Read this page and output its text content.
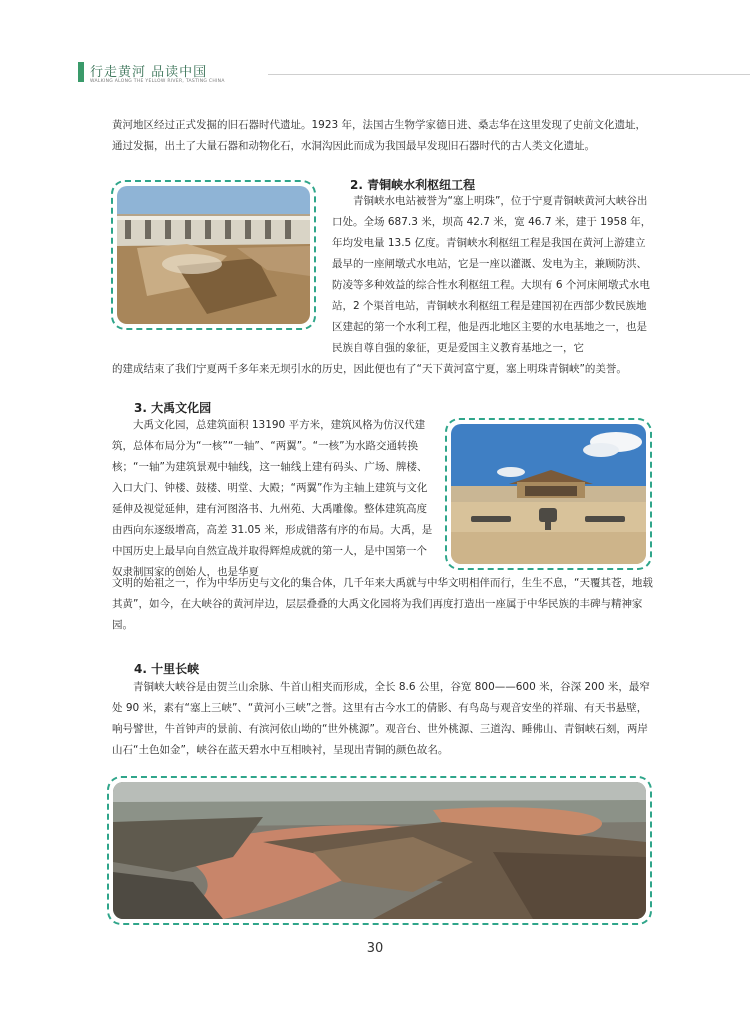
行走黄河 品读中国
WALKING ALONG THE YELLOW RIVER, TASTING CHINA

黄河地区经过正式发掘的旧石器时代遗址。1923 年，法国古生物学家德日进、桑志华在这里发现了史前文化遗址，通过发掘，出土了大量石器和动物化石，水洞沟因此而成为我国最早发现旧石器时代的古人类文化遗址。

2. 青铜峡水利枢纽工程

青铜峡水电站被誉为“塞上明珠”，位于宁夏青铜峡黄河大峡谷出口处。全场 687.3 米，坝高 42.7 米，宽 46.7 米，建于 1958 年，年均发电量 13.5 亿度。青铜峡水利枢纽工程是我国在黄河上游建立最早的一座闸墩式水电站，它是一座以灌溉、发电为主，兼顾防洪、防凌等多种效益的综合性水利枢纽工程。大坝有 6 个河床闸墩式水电站，2 个渠首电站，青铜峡水利枢纽工程是建国初在西部少数民族地区建起的第一个水利工程，他是西北地区主要的水电基地之一，也是民族自尊自强的象征，更是爱国主义教育基地之一，它

的建成结束了我们宁夏两千多年来无坝引水的历史，因此便也有了“天下黄河富宁夏，塞上明珠青铜峡”的美誉。

3. 大禹文化园

大禹文化园，总建筑面积 13190 平方米，建筑风格为仿汉代建筑，总体布局分为“一核”“一轴”、“两翼”。“一核”为水路交通转换核；“一轴”为建筑景观中轴线，这一轴线上建有码头、广场、牌楼、入口大门、钟楼、鼓楼、明堂、大殿；“两翼”作为主轴上建筑与文化延伸及视觉延伸，建有河图洛书、九州苑、大禹雕像。整体建筑高度由西向东逐级增高，高差 31.05 米，形成错落有序的布局。大禹，是中国历史上最早向自然宣战并取得辉煌成就的第一人，是中国第一个奴隶制国家的创始人，也是华夏

文明的始祖之一，作为中华历史与文化的集合体，几千年来大禹就与中华文明相伴而行，生生不息，“天覆其苍，地载其黄”，如今，在大峡谷的黄河岸边，层层叠叠的大禹文化园将为我们再度打造出一座属于中华民族的丰碑与精神家园。

4. 十里长峡

青铜峡大峡谷是由贺兰山余脉、牛首山相夹而形成，全长 8.6 公里，谷宽 800——600 米，谷深 200 米，最窄处 90 米，素有“塞上三峡”、“黄河小三峡”之誉。这里有古今水工的倩影、有鸟岛与观音安坐的祥瑞、有天书悬壁，响号譬世，牛首钟声的景前、有滨河依山坳的“世外桃源”。观音台、世外桃源、三道沟、睡佛山、青铜峡石刻，两岸山石“土色如金”，峡谷在蓝天碧水中互相映衬，呈现出青铜的颜色故名。

30
